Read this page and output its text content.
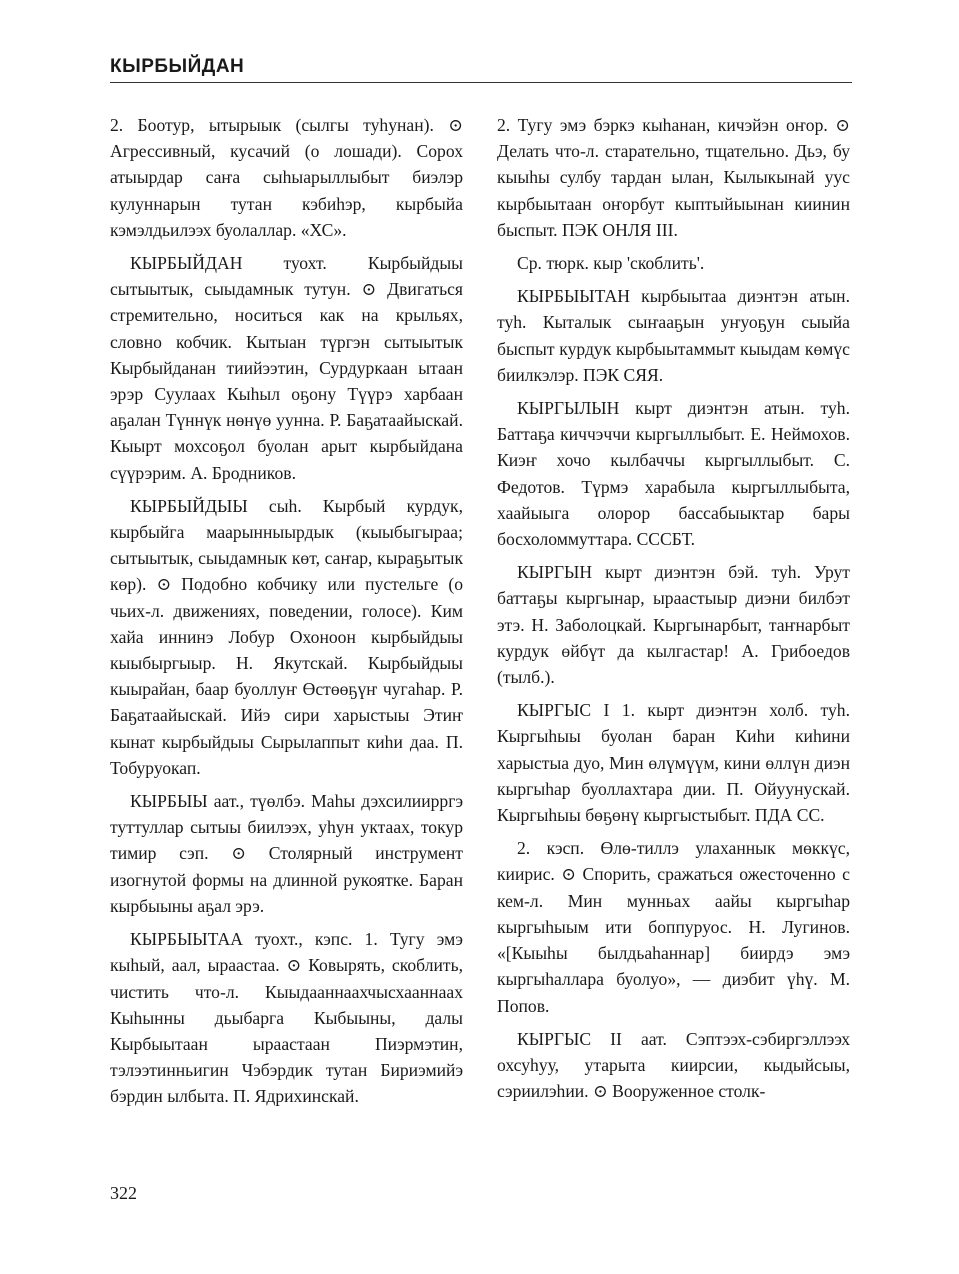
КЫРБЫЙДАН

2. Боотур, ытырыык (сылгы туһунан). ⊙ Агрессивный, кусачий (о лошади). Сорох атыырдар саҥа сыһыарыллыбыт биэлэр кулуннарын тутан кэбиһэр, кырбыйа кэмэлдьилээх буолаллар. «ХС».

КЫРБЫЙДАН туохт. Кырбыйдыы сытыытык, сыыдамнык тутун. ⊙ Двигаться стремительно, носиться как на крыльях, словно кобчик. Кытыан түргэн сытыытык Кырбыйданан тиийээтин, Сурдуркаан ытаан эрэр Суулаах Кыһыл оҕону Түүрэ харбаан аҕалан Түннүк нөнүө уунна. Р. Баҕатаайыскай. Кыырт мохсоҕол буолан арыт кырбыйдана сүүрэрим. А. Бродников.

КЫРБЫЙДЫЫ сыһ. Кырбый курдук, кырбыйга маарынныырдык (кыыбыгыраа; сытыытык, сыыдамнык көт, саҥар, кыраҕытык көр). ⊙ Подобно кобчику или пустельге (о чьих-л. движениях, поведении, голосе). Ким хайа иннинэ Лобур Охоноон кырбыйдыы кыыбыргыыр. Н. Якутскай. Кырбыйдыы кыырайан, баар буоллуҥ Өстөөҕүҥ чугаһар. Р. Баҕатаайыскай. Ийэ сири харыстыы Этиҥ кынат кырбыйдыы Сырылаппыт киһи даа. П. Тобуруокап.

КЫРБЫЫ аат., түөлбэ. Маһы дэхсилиирргэ туттуллар сытыы биилээх, уһун уктаах, токур тимир сэп. ⊙ Столярный инструмент изогнутой формы на длинной рукоятке. Баран кырбыыны аҕал эрэ.

КЫРБЫЫТАА туохт., кэпс. 1. Тугу эмэ кыһый, аал, ыраастаа. ⊙ Ковырять, скоблить, чистить что-л. Кыыдааннаахчысхааннаах Кыһынны дьыбарга Кыбыыны, далы Кырбыытаан ыраастаан Пиэрмэтин, тэлээтинньигин Чэбэрдик тутан Бириэмийэ бэрдин ылбыта. П. Ядрихинскай.

2. Тугу эмэ бэркэ кыһанан, кичэйэн оҥор. ⊙ Делать что-л. старательно, тщательно. Дьэ, бу кыыһы сулбу тардан ылан, Кылыкынай уус кырбыытаан оҥорбут кыптыйыынан киинин быспыт. ПЭК ОНЛЯ III.

Ср. тюрк. кыр 'скоблить'.

КЫРБЫЫТАН кырбыытаа диэнтэн атын. туһ. Кыталык сыҥааҕын уҥуоҕун сыыйа быспыт курдук кырбыытаммыт кыыдам көмүс биилкэлэр. ПЭК СЯЯ.

КЫРГЫЛЫН кырт диэнтэн атын. туһ. Баттаҕа киччэччи кыргыллыбыт. Е. Неймохов. Киэҥ хочо кылбаччы кыргыллыбыт. С. Федотов. Түрмэ харабыла кыргыллыбыта, хаайыыга олорор бассабыыктар бары босхоломмуттара. СССБТ.

КЫРГЫН кырт диэнтэн бэй. туһ. Урут баттаҕы кыргынар, ыраастыыр диэни билбэт этэ. Н. Заболоцкай. Кыргынарбыт, таҥнарбыт курдук өйбүт да кылгастар! А. Грибоедов (тылб.).

КЫРГЫС I 1. кырт диэнтэн холб. туһ. Кыргыһыы буолан баран Киһи киһини харыстыа дуо, Мин өлүмүүм, кини өллүн диэн кыргыһар буоллахтара дии. П. Ойуунускай. Кыргыһыы бөҕөнү кыргыстыбыт. ПДА СС.

2. кэсп. Өлө-тиллэ улаханнык мөккүс, киирис. ⊙ Спорить, сражаться ожесточенно с кем-л. Мин мунньах аайы кыргыһар кыргыһыым ити боппуруос. Н. Лугинов. «[Кыыһы былдьаһаннар] биирдэ эмэ кыргыһаллара буолуо», — диэбит үһү. М. Попов.

КЫРГЫС II аат. Сэптээх-сэбиргэллээх охсуһуу, утарыта киирсии, кыдыйсыы, сэриилэһии. ⊙ Вооруженное столк-

322
